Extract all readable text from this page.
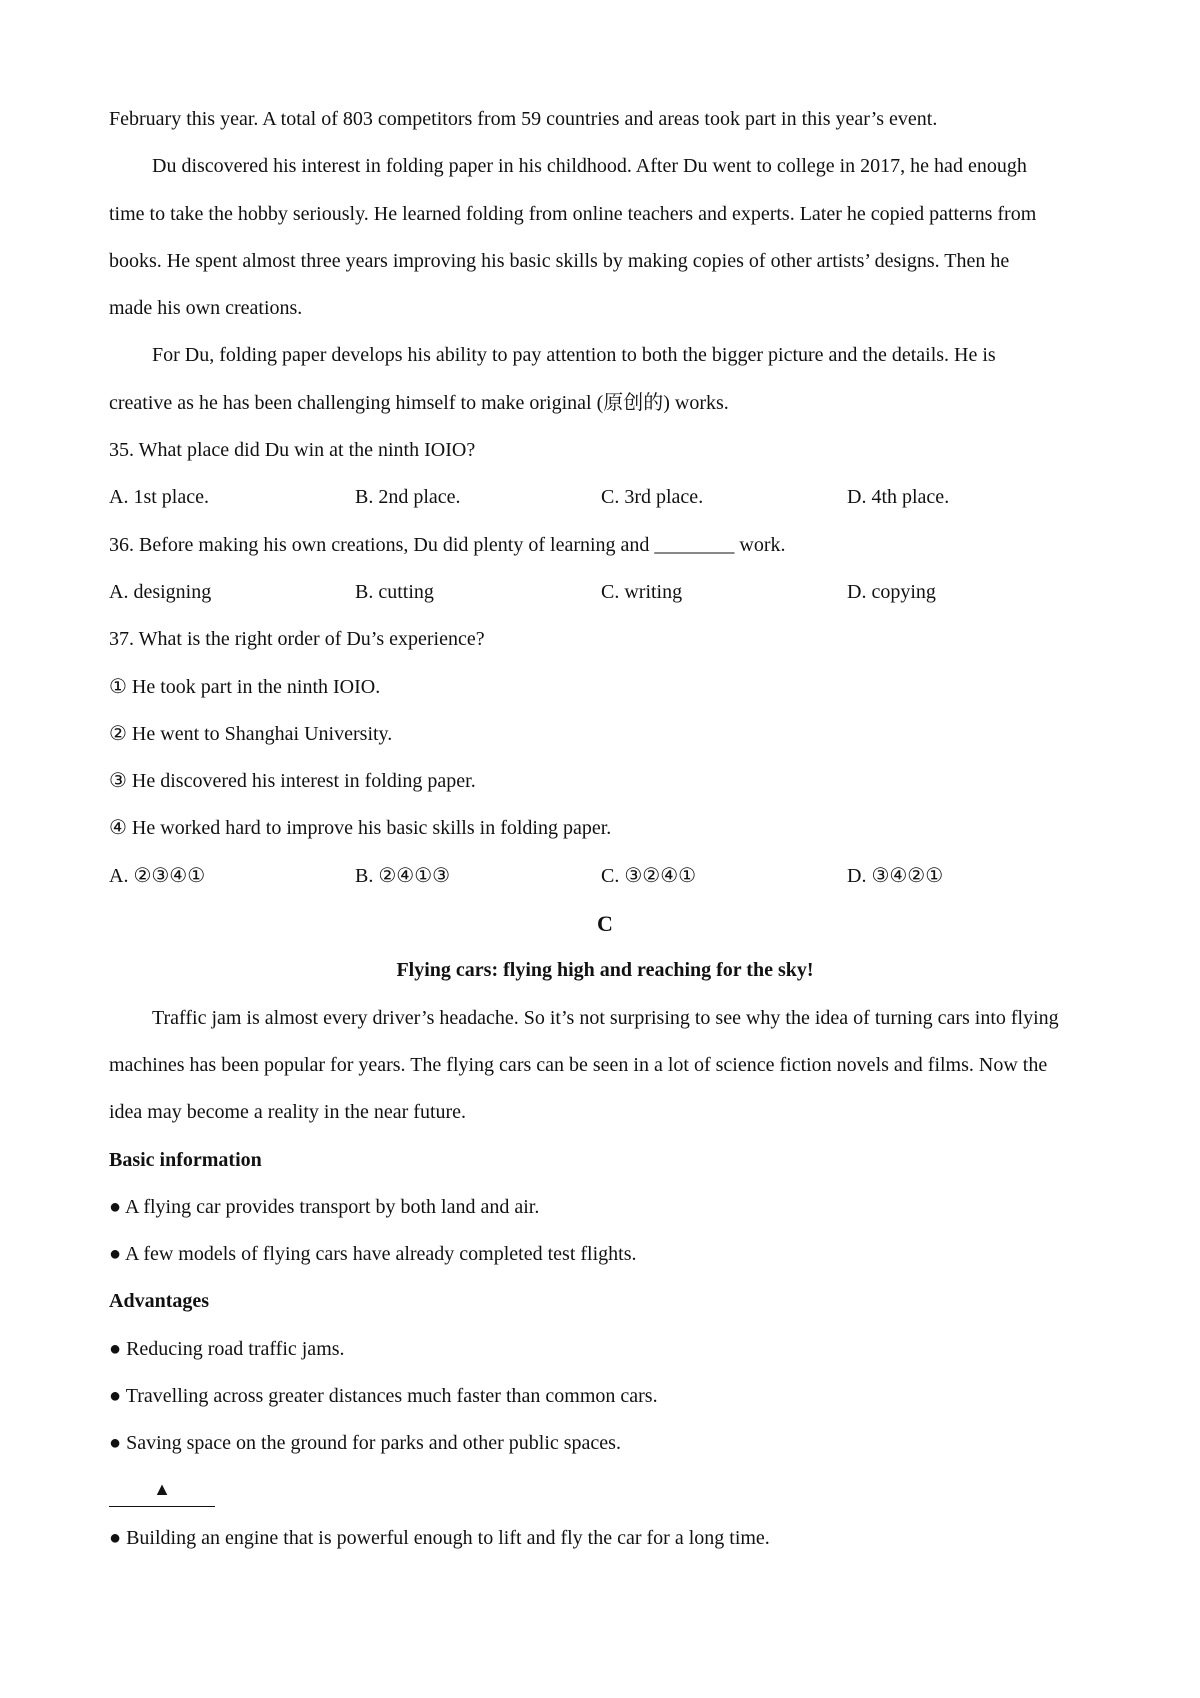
February this year. A total of 803 competitors from 59 countries and areas took part in this year’s event.
Du discovered his interest in folding paper in his childhood. After Du went to college in 2017, he had enough
time to take the hobby seriously. He learned folding from online teachers and experts. Later he copied patterns from
books. He spent almost three years improving his basic skills by making copies of other artists’ designs. Then he
made his own creations.
For Du, folding paper develops his ability to pay attention to both the bigger picture and the details. He is
creative as he has been challenging himself to make original (原创的) works.
35. What place did Du win at the ninth IOIO?
A. 1st place.	B. 2nd place.	C. 3rd place.	D. 4th place.
36. Before making his own creations, Du did plenty of learning and ________ work.
A. designing	B. cutting	C. writing	D. copying
37. What is the right order of Du’s experience?
① He took part in the ninth IOIO.
② He went to Shanghai University.
③ He discovered his interest in folding paper.
④ He worked hard to improve his basic skills in folding paper.
A. ②③④①	B. ②④①③	C. ③②④①	D. ③④②①
C
Flying cars: flying high and reaching for the sky!
Traffic jam is almost every driver’s headache. So it’s not surprising to see why the idea of turning cars into flying
machines has been popular for years. The flying cars can be seen in a lot of science fiction novels and films. Now the
idea may become a reality in the near future.
Basic information
● A flying car provides transport by both land and air.
● A few models of flying cars have already completed test flights.
Advantages
● Reducing road traffic jams.
● Travelling across greater distances much faster than common cars.
● Saving space on the ground for parks and other public spaces.
▲
● Building an engine that is powerful enough to lift and fly the car for a long time.
